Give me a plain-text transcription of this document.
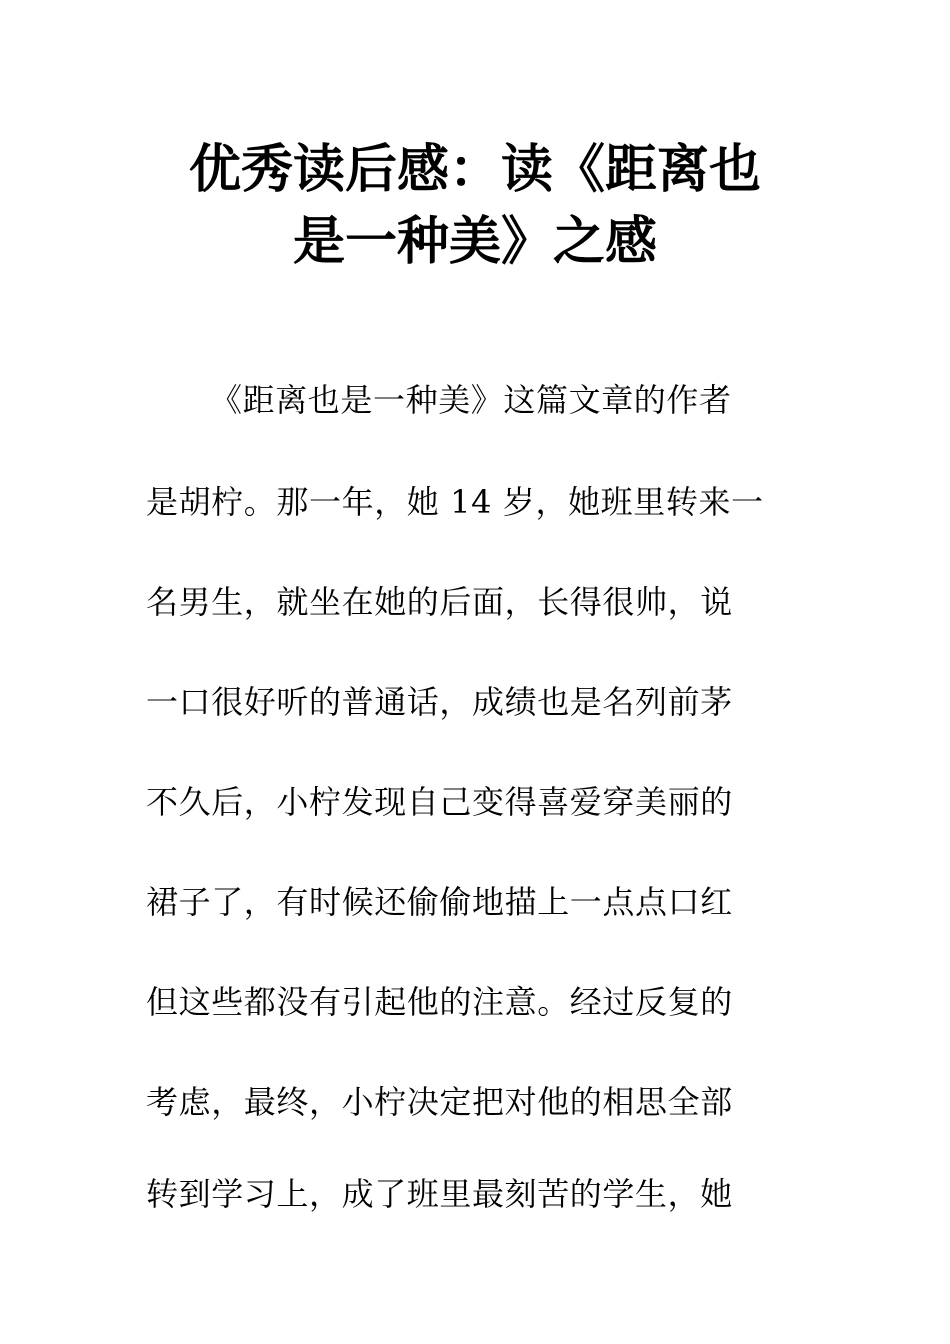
优秀读后感：读《距离也
是一种美》之感

《距离也是一种美》这篇文章的作者

是胡柠。那一年，她 14 岁，她班里转来一

名男生，就坐在她的后面，长得很帅，说

一口很好听的普通话，成绩也是名列前茅

不久后，小柠发现自己变得喜爱穿美丽的

裙子了，有时候还偷偷地描上一点点口红

但这些都没有引起他的注意。经过反复的

考虑，最终，小柠决定把对他的相思全部

转到学习上，成了班里最刻苦的学生，她
